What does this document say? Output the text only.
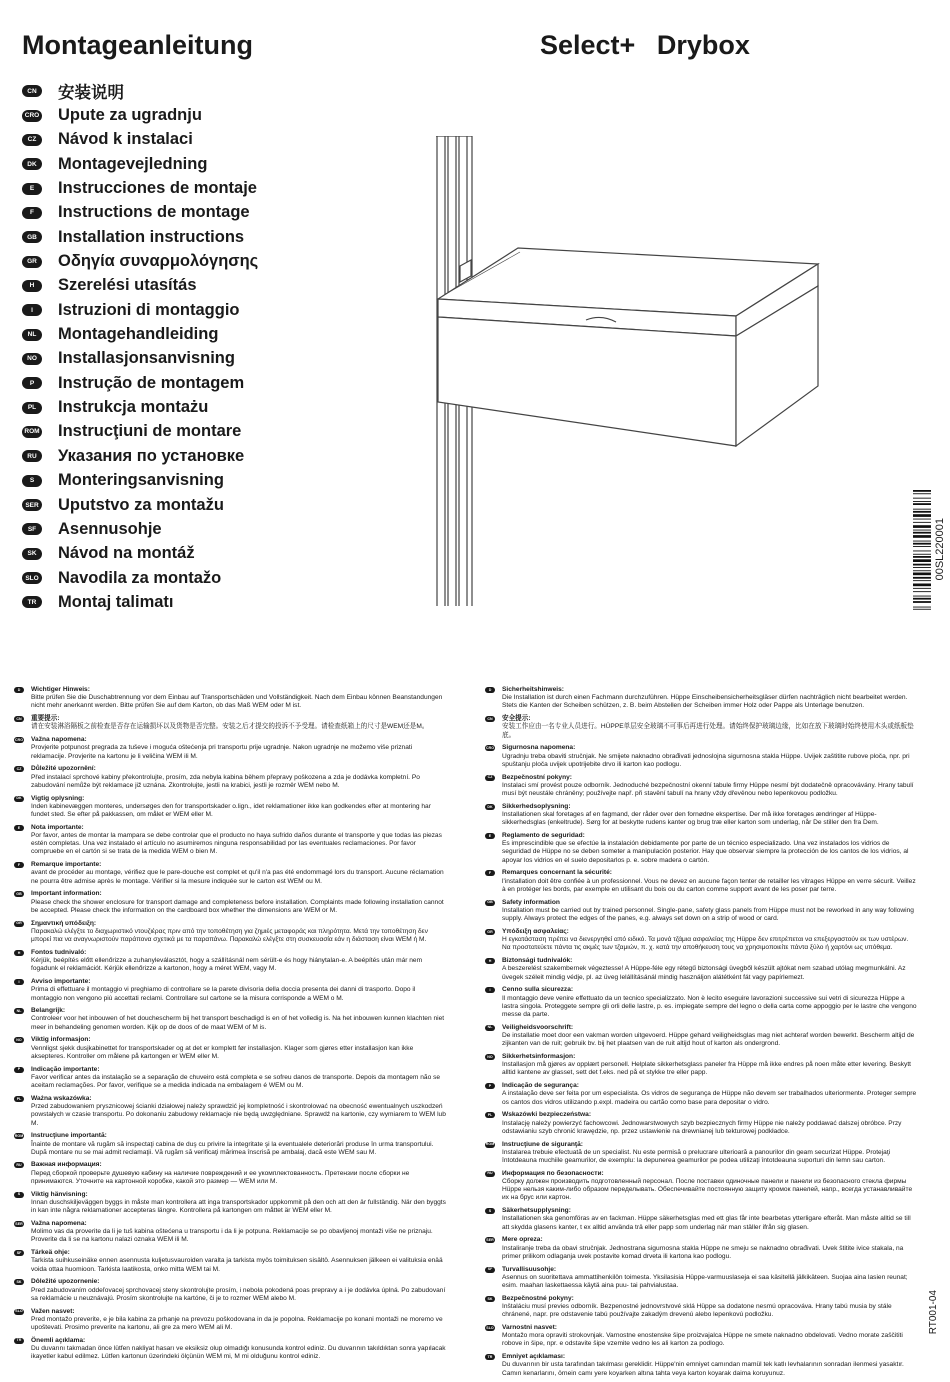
Montageanleitung	Select+ Drybox
CN	安装说明
CRO Upute za ugradnju
CZ	Návod k instalaci
DK	Montagevejledning
E	Instrucciones de montaje
F	Instructions de montage
GB	Installation instructions
GR	Οδηγία συναρμολόγησης
H	Szerelési utasítás
I	Istruzioni di montaggio
NL	Montagehandleiding
NO	Installasjonsanvisning
P	Instrução de montagem
PL	Instrukcja montażu
ROM Instrucţiuni de montare
RU	Указания по установке
S	Monteringsanvisning
SER Uputstvo za montažu
SF	Asennusohje
SK	Návod na montáž
SLO Navodila za montažo
TR	Montaj talimatı
00SL220001
D	Wichtiger Hinweis:
Bitte prüfen Sie die Duschabtrennung vor dem Einbau auf Transportschäden und Vollständigkeit. Nach dem Einbau können Beanstandungen nicht mehr anerkannt werden. Bitte prüfen Sie auf dem Karton, ob das Maß WEM oder M ist.
CN	重要提示:
请在安装淋浴隔板之前检查是否存在运输损坏以及货物是否完整。安装之后才提交的投诉不予受理。请检查纸箱上的尺寸是WEM还是M。
CRO Važna napomena:
Provjerite potpunost pregrada za tuševe i moguća oštećenja pri transportu prije ugradnje. Nakon ugradnje ne možemo više priznati reklamacije. Provjerite na kartonu je li veličina WEM ili M.
CZ	Důležité upozornění:
Před instalací sprchové kabiny překontrolujte, prosím, zda nebyla kabina během přepravy poškozena a zda je dodávka kompletní. Po zabudování nemůže být reklamace již uznána. Zkontrolujte, jestli na krabici, jestli je rozměr WEM nebo M.
DK	Vigtig oplysning:
Inden kabinevæggen monteres, undersøges den for transportskader o.lign., idet reklamationer ikke kan godkendes efter at montering har fundet sted. Se efter på pakkassen, om målet er WEM eller M.
E	Nota importante:
Por favor, antes de montar la mampara se debe controlar que el producto no haya sufrido daños durante el transporte y que todas las piezas estén completas. Una vez instalado el artículo no asumiremos ninguna responsabilidad por las eventuales reclamaciones. Por favor compruebe en el cartón si se trata de la medida WEM o bien M.
F	Remarque importante:
avant de procéder au montage, vérifiez que le pare-douche est complet et qu'il n'a pas été endommagé lors du transport. Aucune réclamation ne pourra être admise après le montage. Vérifier si la mesure indiquée sur le carton est WEM ou M.
GB	Important information:
Please check the shower enclosure for transport damage and completeness before installation. Complaints made following installation cannot be accepted. Please check the information on the cardboard box whether the dimensions are WEM or M.
GR	Σημαντική υπόδειξη:
Παρακαλώ ελέγξτε το διαχωριστικό ντουζιέρας πριν από την τοποθέτηση για ζημιές μεταφοράς και πληρότητα. Μετά την τοποθέτηση δεν μπορεί πια να αναγνωριστούν παράπονα σχετικά με τα παραπάνω. Παρακαλώ ελέγξτε στη συσκευασία εάν η διάσταση είναι WEM ή M.
H	Fontos tudnivaló:
Kérjük, beépítés előtt ellenőrizze a zuhanyleválasztót, hogy a szállításnál nem sérült-e és hogy hiánytalan-e. A beépítés után már nem fogadunk el reklamációt. Kérjük ellenőrizze a kartonon, hogy a méret WEM, vagy M.
I	Avviso importante:
Prima di effettuare il montaggio vi preghiamo di controllare se la parete divisoria della doccia presenta dei danni di trasporto. Dopo il montaggio non vengono più accettati reclami. Controllare sul cartone se la misura corrisponde a WEM o M.
NL	Belangrijk:
Controleer voor het inbouwen of het douchescherm bij het transport beschadigd is en of het volledig is. Na het inbouwen kunnen klachten niet meer in behandeling genomen worden. Kijk op de doos of de maat WEM of M is.
NO	Viktig informasjon:
Vennligst sjekk dusjkabinettet for transportskader og at det er komplett før installasjon. Klager som gjøres etter installasjon kan ikke aksepteres. Kontroller om målene på kartongen er WEM eller M.
P	Indicação importante:
Favor verificar antes da instalação se a separação de chuveiro está completa e se sofreu danos de transporte. Depois da montagem não se aceitam reclamações. Por favor, verifique se a medida indicada na embalagem é WEM ou M.
PL	Ważna wskazówka:
Przed zabudowaniem prysznicowej ścianki działowej należy sprawdzić jej kompletność i skontrolować na obecność ewentualnych uszkodzeń powstałych w czasie transportu. Po dokonaniu zabudowy reklamacje nie będą uwzględniane. Sprawdź na kartonie, czy wymiarem to WEM lub M.
ROM Instrucţiune importantă:
Înainte de montare vă rugăm să inspectaţi cabina de duş cu privire la integritate şi la eventualele deteriorări produse în urma transportului. După montare nu se mai admit reclamaţii. Vă rugăm să verificaţi mărimea înscrisă pe ambalaj, dacă este WEM sau M.
RU	Важная информация:
Перед сборкой проверьте душевую кабину на наличие повреждений и ее укомплектованность. Претензии после сборки не принимаются. Уточните на картонной коробке, какой это размер — WEM или M.
S	Viktig hänvisning:
Innan duschskiljeväggen byggs in måste man kontrollera att inga transportskador uppkommit på den och att den är fullständig. När den byggts in kan inte några reklamationer accepteras längre. Kontrollera på kartongen om måttet är WEM eller M.
SER Važna napomena:
Molimo vas da proverite da li je tuš kabina oštećena u transportu i da li je potpuna. Reklamacije se po obavljenoj montaži više ne priznaju. Proverite da li se na kartonu nalazi oznaka WEM ili M.
SF	Tärkeä ohje:
Tarkista suihkuseinäke ennen asennusta kuljetusvauroiden varalta ja tarkista myös toimituksen sisältö. Asennuksen jälkeen ei valituksia enää voida ottaa huomioon. Tarkista laatikosta, onko mitta WEM tai M.
SK	Dôležité upozornenie:
Pred zabudovaním oddeľovacej sprchovacej steny skontrolujte prosím, i neboła pokodená poas prepravy a i je dodávka úplná. Po zabudovaní sa reklamácie u neuznávajú. Prosím skontrolujte na kartóne, či je to rozmer WEM alebo M.
SLO Važen nasvet:
Pred montažo preverite, e je bila kabina za prhanje na prevozu poškodovana in da je popolna. Reklamacije po konani montaži ne moremo ve upoštevati. Prosimo preverite na kartonu, ali gre za mero WEM ali M.
TR	Önemli açıklama:
Du duvarını takmadan önce lütfen nakliyat hasarı ve eksiksiz olup olmadığı konusunda kontrol ediniz. Du duvarının takıldıktan sonra yapılacak ikayetler kabul edilmez. Lütfen kartonun üzerindeki ölçünün WEM mi, M mi olduğunu kontrol ediniz.
D	Sicherheitshinweis:
Die Installation ist durch einen Fachmann durchzuführen. Hüppe Einscheibensicherheitsgläser dürfen nachträglich nicht bearbeitet werden. Stets die Kanten der Scheiben schützen, z. B. beim Abstellen der Scheiben immer Holz oder Pappe als Unterlage benutzen.
CN	安全提示:
安装工作应由一名专业人员进行。HÜPPE单层安全玻璃不可事后再进行处理。请始终保护玻璃边缘，比如在放下玻璃时始终使用木头或纸板垫底。
CRO Sigurnosna napomena:
Ugradnju treba obaviti stručnjak. Ne smijete naknadno obrađivati jednoslojna sigurnosna stakla Hüppe. Uvijek zaštitite rubove ploča, npr. pri spuštanju ploča uvijek upotrijebite drvo ili karton kao podlogu.
CZ	Bezpečnostní pokyny:
Instalaci smí provést pouze odborník. Jednoduché bezpečnostní okenní tabule firmy Hüppe nesmí být dodatečně opracovávány. Hrany tabulí musí být neustále chráněny; používejte např. při stavění tabulí na hrany vždy dřevěnou nebo lepenkovou podložku.
DK	Sikkerhedsoplysning:
Installationen skal foretages af en fagmand, der råder over den fornødne ekspertise. Der må ikke foretages ændringer af Hüppe-sikkerhedsglas (enkeltrude). Sørg for at beskytte rudens kanter og brug træ eller karton som underlag, når De stiller den fra Dem.
E	Reglamento de seguridad:
Es imprescindible que se efectúe la instalación debidamente por parte de un técnico especializado. Una vez instalados los vidrios de seguridad de Hüppe no se deben someter a manipulación posterior. Hay que observar siempre la protección de los cantos de los vidrios, al apoyar los vidrios en el suelo depositarlos p. e. sobre madera o cartón.
F	Remarques concernant la sécurité:
l'installation doit être confiée à un professionnel. Vous ne devez en aucune façon tenter de retailler les vitrages Hüppe en verre sécurit. Veillez à en protéger les bords, par exemple en utilisant du bois ou du carton comme support avant de les poser par terre.
GB	Safety information
Installation must be carried out by trained personnel. Single-pane, safety glass panels from Hüppe must not be reworked in any way following supply. Always protect the edges of the panes, e.g. always set down on a strip of wood or card.
GR	Υπόδειξη ασφαλείας:
Η εγκατάσταση πρέπει να διενεργηθεί από ειδικό. Τα μονά τζάμια ασφαλείας της Hüppe δεν επιτρέπεται να επεξεργαστούν εκ των υστέρων. Να προστατεύετε πάντα τις ακμές των τζαμιών, π. χ. κατά την αποθήκευση τους να χρησιμοποιείτε πάντα ξύλο ή χαρτόνι ως υπόθεμα.
H	Biztonsági tudnivalók:
A beszerelést szakembernek végeztesse! A Hüppe-féle egy rétegű biztonsági üvegből készült ajtókat nem szabad utólag megmunkálni. Az üvegek széleit mindig védje, pl. az üveg lelállításánál mindig használjon alátétként fát vagy papírlemezt.
I	Cenno sulla sicurezza:
Il montaggio deve venire effettuato da un tecnico specializzato. Non è lecito eseguire lavorazioni successive sui vetri di sicurezza Hüppe a lastra singola. Proteggete sempre gli orli delle lastre, p. es. impiegate sempre del legno o della carta come appoggio per le lastre che vengono messe da parte.
NL	Veiligheidsvoorschrift:
De installatie moet door een vakman worden uitgevoerd. Hüppe gehard veiligheidsglas mag niet achteraf worden bewerkt. Bescherm altijd de zijkanten van de ruit; gebruik bv. bij het plaatsen van de ruit altijd hout of karton als ondergrond.
NO	Sikkerhetsinformasjon:
Installasjon må gjøres av opplært personell. Helplate sikkerhetsglass paneler fra Hüppe må ikke endres på noen måte etter levering. Beskytt alltid kantene av glasset, sett det f.eks. ned på et stykke tre eller papp.
P	Indicação de segurança:
A instalação deve ser feita por um especialista. Os vidros de segurança de Hüppe não devem ser trabalhados ulteriormente. Proteger sempre os cantos dos vidros utilizando p.expl. madeira ou cartão como base para depositar o vidro.
PL	Wskazówki bezpieczeństwa:
Instalację należy powierzyć fachowcowi. Jednowarstwowych szyb bezpiecznych firmy Hüppe nie należy poddawać dalszej obróbce. Przy odstawianiu szyb chronić krawędzie, np. przez ustawienie na drewnianej lub tekturowej podkładce.
ROM Instrucţiune de siguranţă:
Instalarea trebuie efectuată de un specialist. Nu este permisă o prelucrare ulterioară a panourilor din geam securizat Hüppe. Protejaţi întotdeauna muchiile geamurilor, de exemplu: la depunerea geamurilor pe podea utilizaţi întotdeauna suporturi din lemn sau carton.
RU	Информация по безопасности:
Сборку должен производить подготовленный персонал. После поставки одиночные панели и панели из безопасного стекла фирмы Hüppe нельзя каким-либо образом переделывать. Обеспечивайте постоянную защиту кромок панелей, напр., всегда устанавливайте их на брус или картон.
S	Säkerhetsupplysning:
Installationen ska genomföras av en fackman. Hüppe säkerhetsglas med ett glas får inte bearbetas ytterligare efteråt. Man måste alltid se till att skydda glasens kanter, t ex alltid använda trä eller papp som underlag när man ställer ifrån sig glasen.
SER Mere opreza:
Instaliranje treba da obavi stručnjak. Jednostrana sigurnosna stakla Hüppe ne smeju se naknadno obrađivati. Uvek štitite ivice stakala, na primer prilikom odlaganja uvek postavite komad drveta ili kartona kao podlogu.
SF	Turvallisuusohje:
Asennus on suoritettava ammattihenkilön toimesta. Yksilasisia Hüppe-varmuuslaseja ei saa käsitellä jälkikäteen. Suojaa aina lasien reunat; esim. maahan laskettaessa käytä aina puu- tai pahvialustaa.
SK	Bezpečnostné pokyny:
Inštaláciu musí previes odborník. Bezpenostné jednovrstvové sklá Hüppe sa dodatone nesmú opracováva. Hrany tabú musia by stále chránené, napr. pre odstavenie tabú používajte zakadým drevenú alebo lepenkovú podložku.
SLO Varnostni nasvet:
Montažo mora opraviti strokovnjak. Varnostne enostenske šipe proizvajalca Hüppe ne smete naknadno obdelovati. Vedno morate zaščititi robove in šipe, npr. e odstavite šipe vzemite vedno les ali karton za podlogo.
TR	Emniyet açıklaması:
Du duvarının bir usta tarafından takılması gereklidir. Hüppe'nin emniyet camından mamül tek katlı levhalarının sonradan ilenmesi yasaktır. Camın kenarlarını, örnein camı yere koyarken altına tahta veya karton koyarak daima koruyunuz.
RT001-04
